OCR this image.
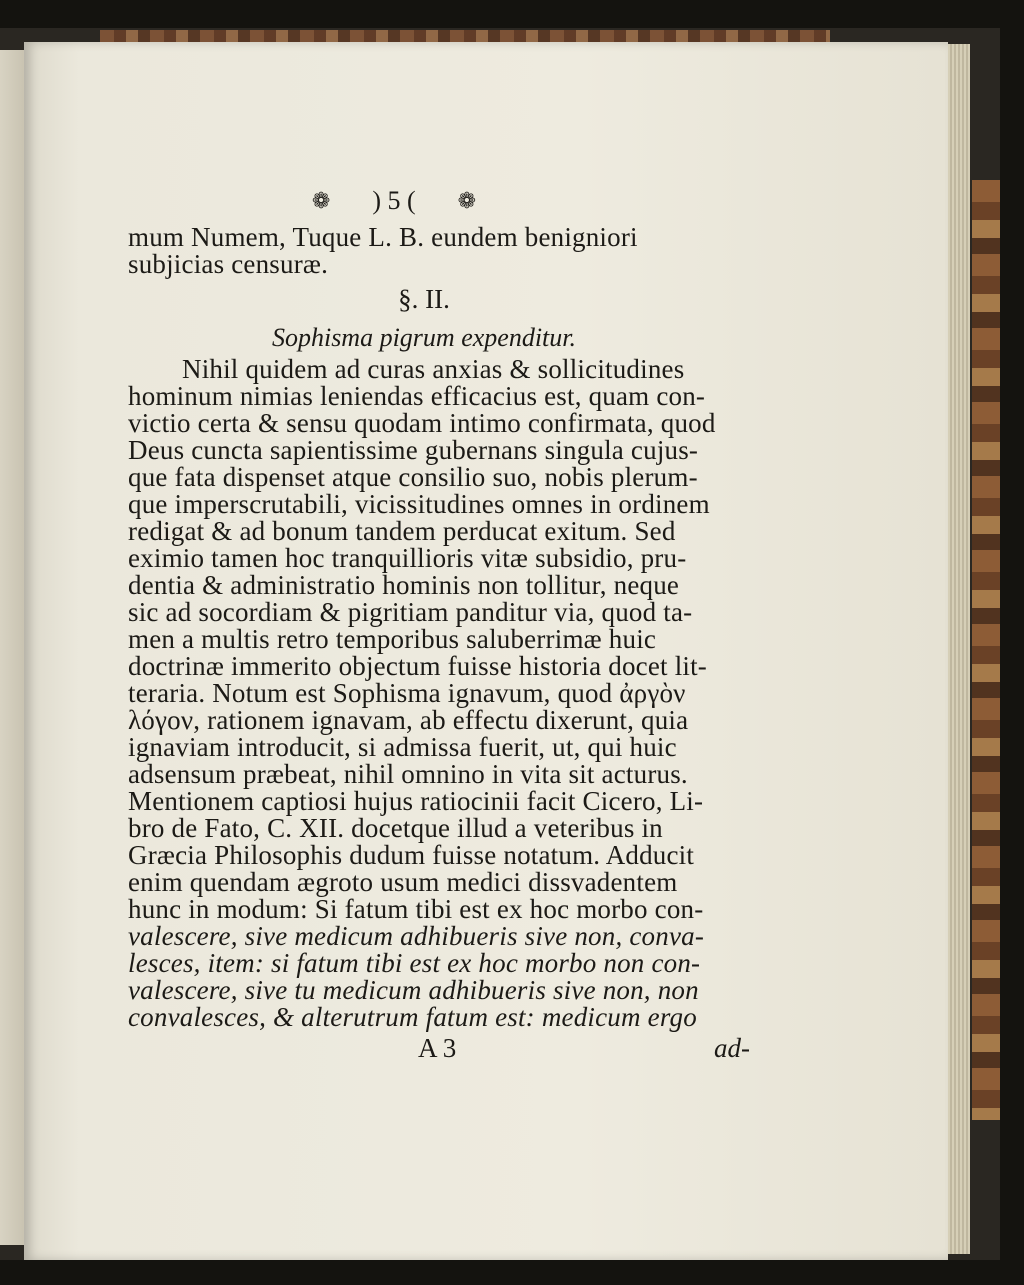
❁ ) 5 ( ❁
mum Numem, Tuque L. B. eundem benigniori
subjicias censuræ.
§. II.
Sophisma pigrum expenditur.
Nihil quidem ad curas anxias & sollicitudines
hominum nimias leniendas efficacius est, quam con-
victio certa & sensu quodam intimo confirmata, quod
Deus cuncta sapientissime gubernans singula cujus-
que fata dispenset atque consilio suo, nobis plerum-
que imperscrutabili, vicissitudines omnes in ordinem
redigat & ad bonum tandem perducat exitum. Sed
eximio tamen hoc tranquillioris vitæ subsidio, pru-
dentia & administratio hominis non tollitur, neque
sic ad socordiam & pigritiam panditur via, quod ta-
men a multis retro temporibus saluberrimæ huic
doctrinæ immerito objectum fuisse historia docet lit-
teraria. Notum est Sophisma ignavum, quod ἀργὸν
λόγον, rationem ignavam, ab effectu dixerunt, quia
ignaviam introducit, si admissa fuerit, ut, qui huic
adsensum præbeat, nihil omnino in vita sit acturus.
Mentionem captiosi hujus ratiocinii facit Cicero, Li-
bro de Fato, C. XII. docetque illud a veteribus in
Græcia Philosophis dudum fuisse notatum. Adducit
enim quendam ægroto usum medici dissvadentem
hunc in modum: Si fatum tibi est ex hoc morbo con-
valescere, sive medicum adhibueris sive non, conva-
lesces, item: si fatum tibi est ex hoc morbo non con-
valescere, sive tu medicum adhibueris sive non, non
convalesces, & alterutrum fatum est: medicum ergo
A 3	ad-
